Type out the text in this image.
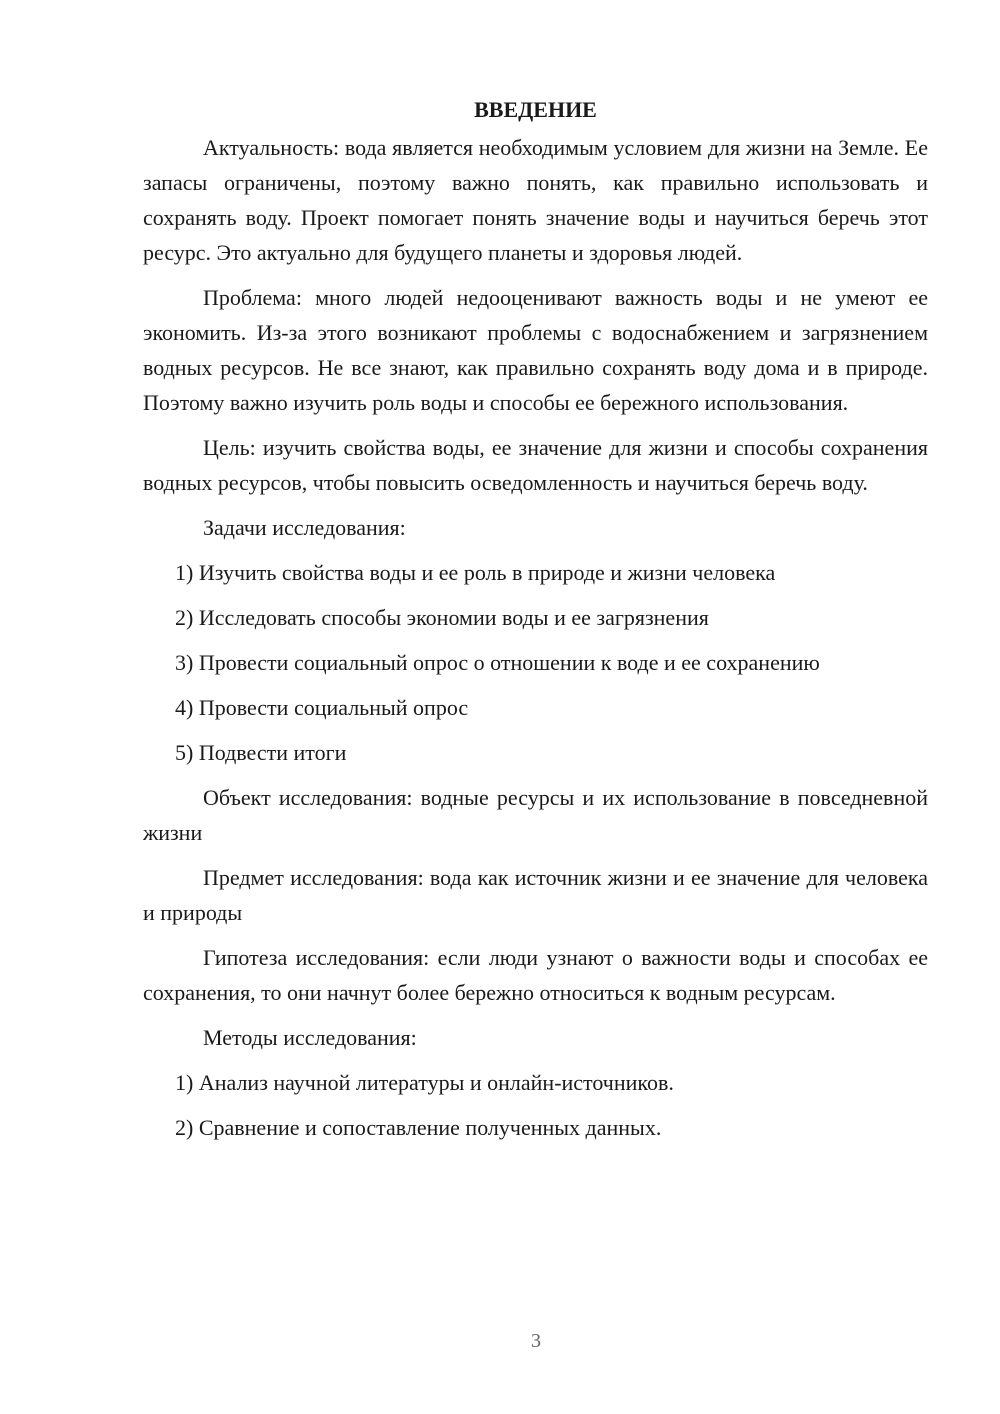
ВВЕДЕНИЕ

Актуальность: вода является необходимым условием для жизни на Земле. Ее запасы ограничены, поэтому важно понять, как правильно использовать и сохранять воду. Проект помогает понять значение воды и научиться беречь этот ресурс. Это актуально для будущего планеты и здоровья людей.

Проблема: много людей недооценивают важность воды и не умеют ее экономить. Из-за этого возникают проблемы с водоснабжением и загрязнением водных ресурсов. Не все знают, как правильно сохранять воду дома и в природе. Поэтому важно изучить роль воды и способы ее бережного использования.

Цель: изучить свойства воды, ее значение для жизни и способы сохранения водных ресурсов, чтобы повысить осведомленность и научиться беречь воду.

Задачи исследования:

1) Изучить свойства воды и ее роль в природе и жизни человека
2) Исследовать способы экономии воды и ее загрязнения
3) Провести социальный опрос о отношении к воде и ее сохранению
4) Провести социальный опрос
5) Подвести итоги

Объект исследования: водные ресурсы и их использование в повседневной жизни

Предмет исследования: вода как источник жизни и ее значение для человека и природы

Гипотеза исследования: если люди узнают о важности воды и способах ее сохранения, то они начнут более бережно относиться к водным ресурсам.

Методы исследования:

1) Анализ научной литературы и онлайн-источников.
2) Сравнение и сопоставление полученных данных.
3
